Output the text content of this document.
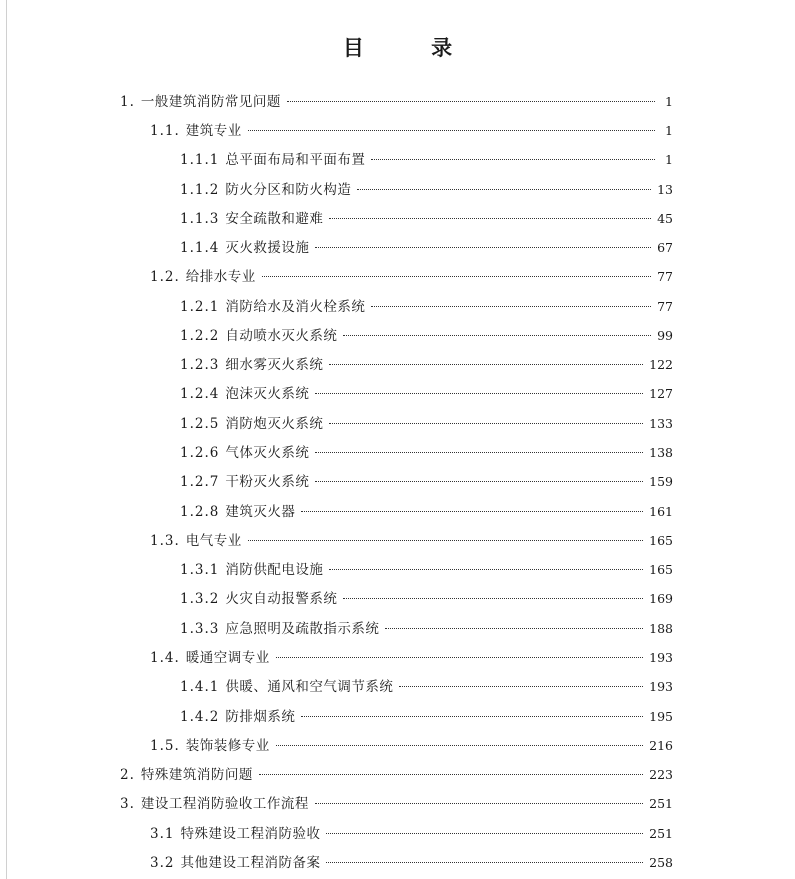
目 录
1. 一般建筑消防常见问题	1
1.1. 建筑专业	1
1.1.1 总平面布局和平面布置	1
1.1.2 防火分区和防火构造	13
1.1.3 安全疏散和避难	45
1.1.4 灭火救援设施	67
1.2. 给排水专业	77
1.2.1 消防给水及消火栓系统	77
1.2.2 自动喷水灭火系统	99
1.2.3 细水雾灭火系统	122
1.2.4 泡沫灭火系统	127
1.2.5 消防炮灭火系统	133
1.2.6 气体灭火系统	138
1.2.7 干粉灭火系统	159
1.2.8 建筑灭火器	161
1.3. 电气专业	165
1.3.1 消防供配电设施	165
1.3.2 火灾自动报警系统	169
1.3.3 应急照明及疏散指示系统	188
1.4. 暖通空调专业	193
1.4.1 供暖、通风和空气调节系统	193
1.4.2 防排烟系统	195
1.5. 装饰装修专业	216
2. 特殊建筑消防问题	223
3. 建设工程消防验收工作流程	251
3.1 特殊建设工程消防验收	251
3.2 其他建设工程消防备案	258
